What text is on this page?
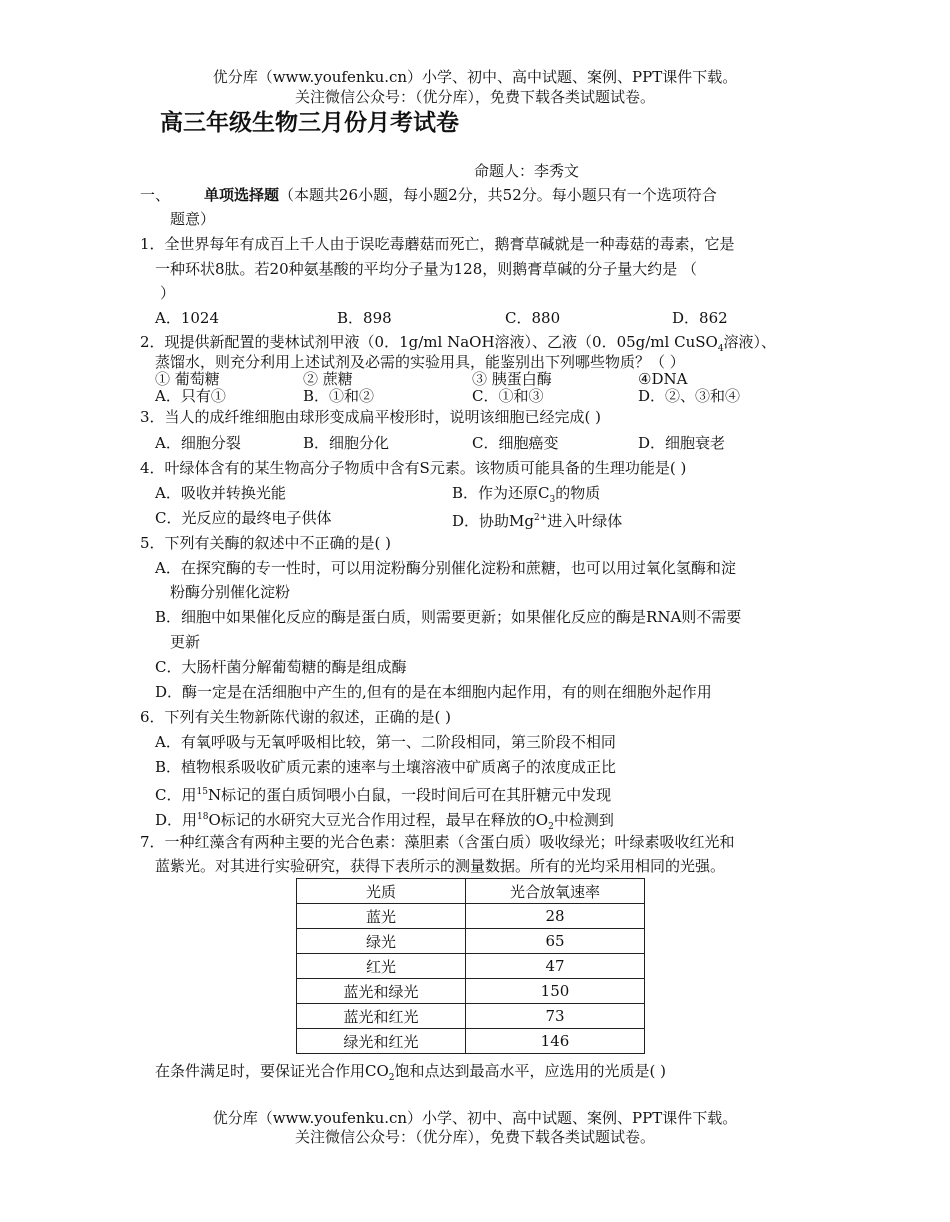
优分库（www.youfenku.cn）小学、初中、高中试题、案例、PPT课件下载。
关注微信公众号：（优分库），免费下载各类试题试卷。
高三年级生物三月份月考试卷
命题人：李秀文
一、 单项选择题（本题共26小题，每小题2分，共52分。每小题只有一个选项符合
题意）
1．全世界每年有成百上千人由于误吃毒蘑菇而死亡，鹅膏草碱就是一种毒菇的毒素，它是
一种环状8肽。若20种氨基酸的平均分子量为128，则鹅膏草碱的分子量大约是 （
）
A．1024	B．898	C．880	D．862
2．现提供新配置的斐林试剂甲液（0．1g/ml NaOH溶液）、乙液（0．05g/ml CuSO$_4$溶液）、
蒸馏水，则充分利用上述试剂及必需的实验用具，能鉴别出下列哪些物质？（ ）
① 葡萄糖	② 蔗糖	③ 胰蛋白酶	④DNA
A．只有①	B．①和②	C．①和③	D．②、③和④
3．当人的成纤维细胞由球形变成扁平梭形时，说明该细胞已经完成( )
A．细胞分裂	B．细胞分化	C．细胞癌变	D．细胞衰老
4．叶绿体含有的某生物高分子物质中含有S元素。该物质可能具备的生理功能是( )
A．吸收并转换光能	B．作为还原$C_3$的物质
C．光反应的最终电子供体	D．协助$Mg^{2+}$进入叶绿体
5．下列有关酶的叙述中不正确的是( )
A．在探究酶的专一性时，可以用淀粉酶分别催化淀粉和蔗糖，也可以用过氧化氢酶和淀
粉酶分别催化淀粉
B．细胞中如果催化反应的酶是蛋白质，则需要更新；如果催化反应的酶是RNA则不需要
更新
C．大肠杆菌分解葡萄糖的酶是组成酶
D．酶一定是在活细胞中产生的,但有的是在本细胞内起作用，有的则在细胞外起作用
6．下列有关生物新陈代谢的叙述，正确的是( )
A．有氧呼吸与无氧呼吸相比较，第一、二阶段相同，第三阶段不相同
B．植物根系吸收矿质元素的速率与土壤溶液中矿质离子的浓度成正比
C．用$^{15}$N标记的蛋白质饲喂小白鼠，一段时间后可在其肝糖元中发现
D．用$^{18}$O标记的水研究大豆光合作用过程，最早在释放的$O_2$中检测到
7．一种红藻含有两种主要的光合色素：藻胆素（含蛋白质）吸收绿光；叶绿素吸收红光和
蓝紫光。对其进行实验研究，获得下表所示的测量数据。所有的光均采用相同的光强。
光质	光合放氧速率
蓝光	28
绿光	65
红光	47
蓝光和绿光	150
蓝光和红光	73
绿光和红光	146
在条件满足时，要保证光合作用$CO_2$饱和点达到最高水平，应选用的光质是( )
优分库（www.youfenku.cn）小学、初中、高中试题、案例、PPT课件下载。
关注微信公众号：（优分库），免费下载各类试题试卷。
